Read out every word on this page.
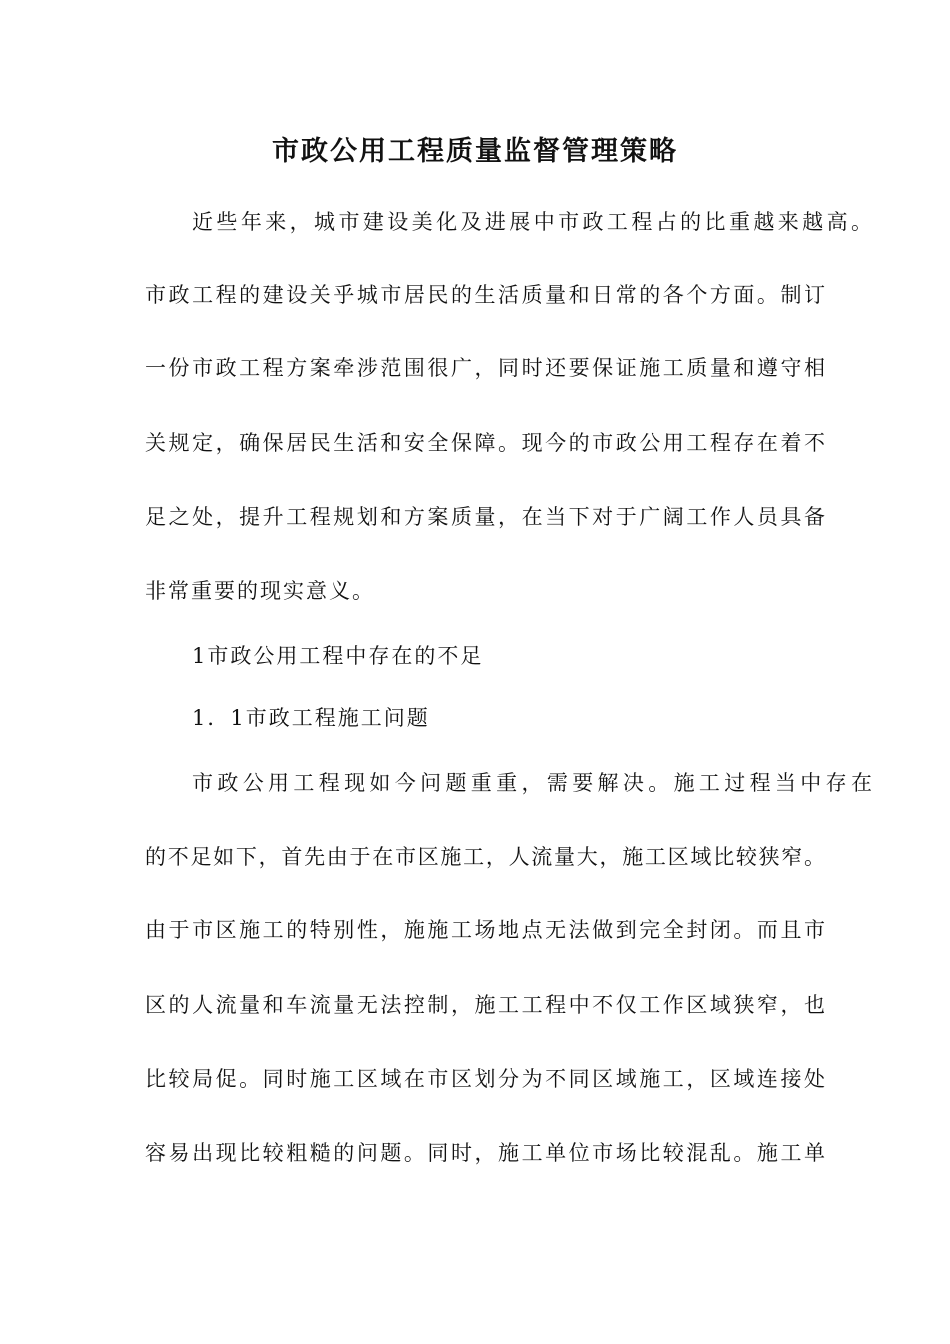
市政公用工程质量监督管理策略

近些年来，城市建设美化及进展中市政工程占的比重越来越高。

市政工程的建设关乎城市居民的生活质量和日常的各个方面。制订

一份市政工程方案牵涉范围很广，同时还要保证施工质量和遵守相

关规定，确保居民生活和安全保障。现今的市政公用工程存在着不

足之处，提升工程规划和方案质量，在当下对于广阔工作人员具备

非常重要的现实意义。

1市政公用工程中存在的不足

1．1市政工程施工问题

市政公用工程现如今问题重重，需要解决。施工过程当中存在

的不足如下，首先由于在市区施工，人流量大，施工区域比较狭窄。

由于市区施工的特别性，施施工场地点无法做到完全封闭。而且市

区的人流量和车流量无法控制，施工工程中不仅工作区域狭窄，也

比较局促。同时施工区域在市区划分为不同区域施工，区域连接处

容易出现比较粗糙的问题。同时，施工单位市场比较混乱。施工单
